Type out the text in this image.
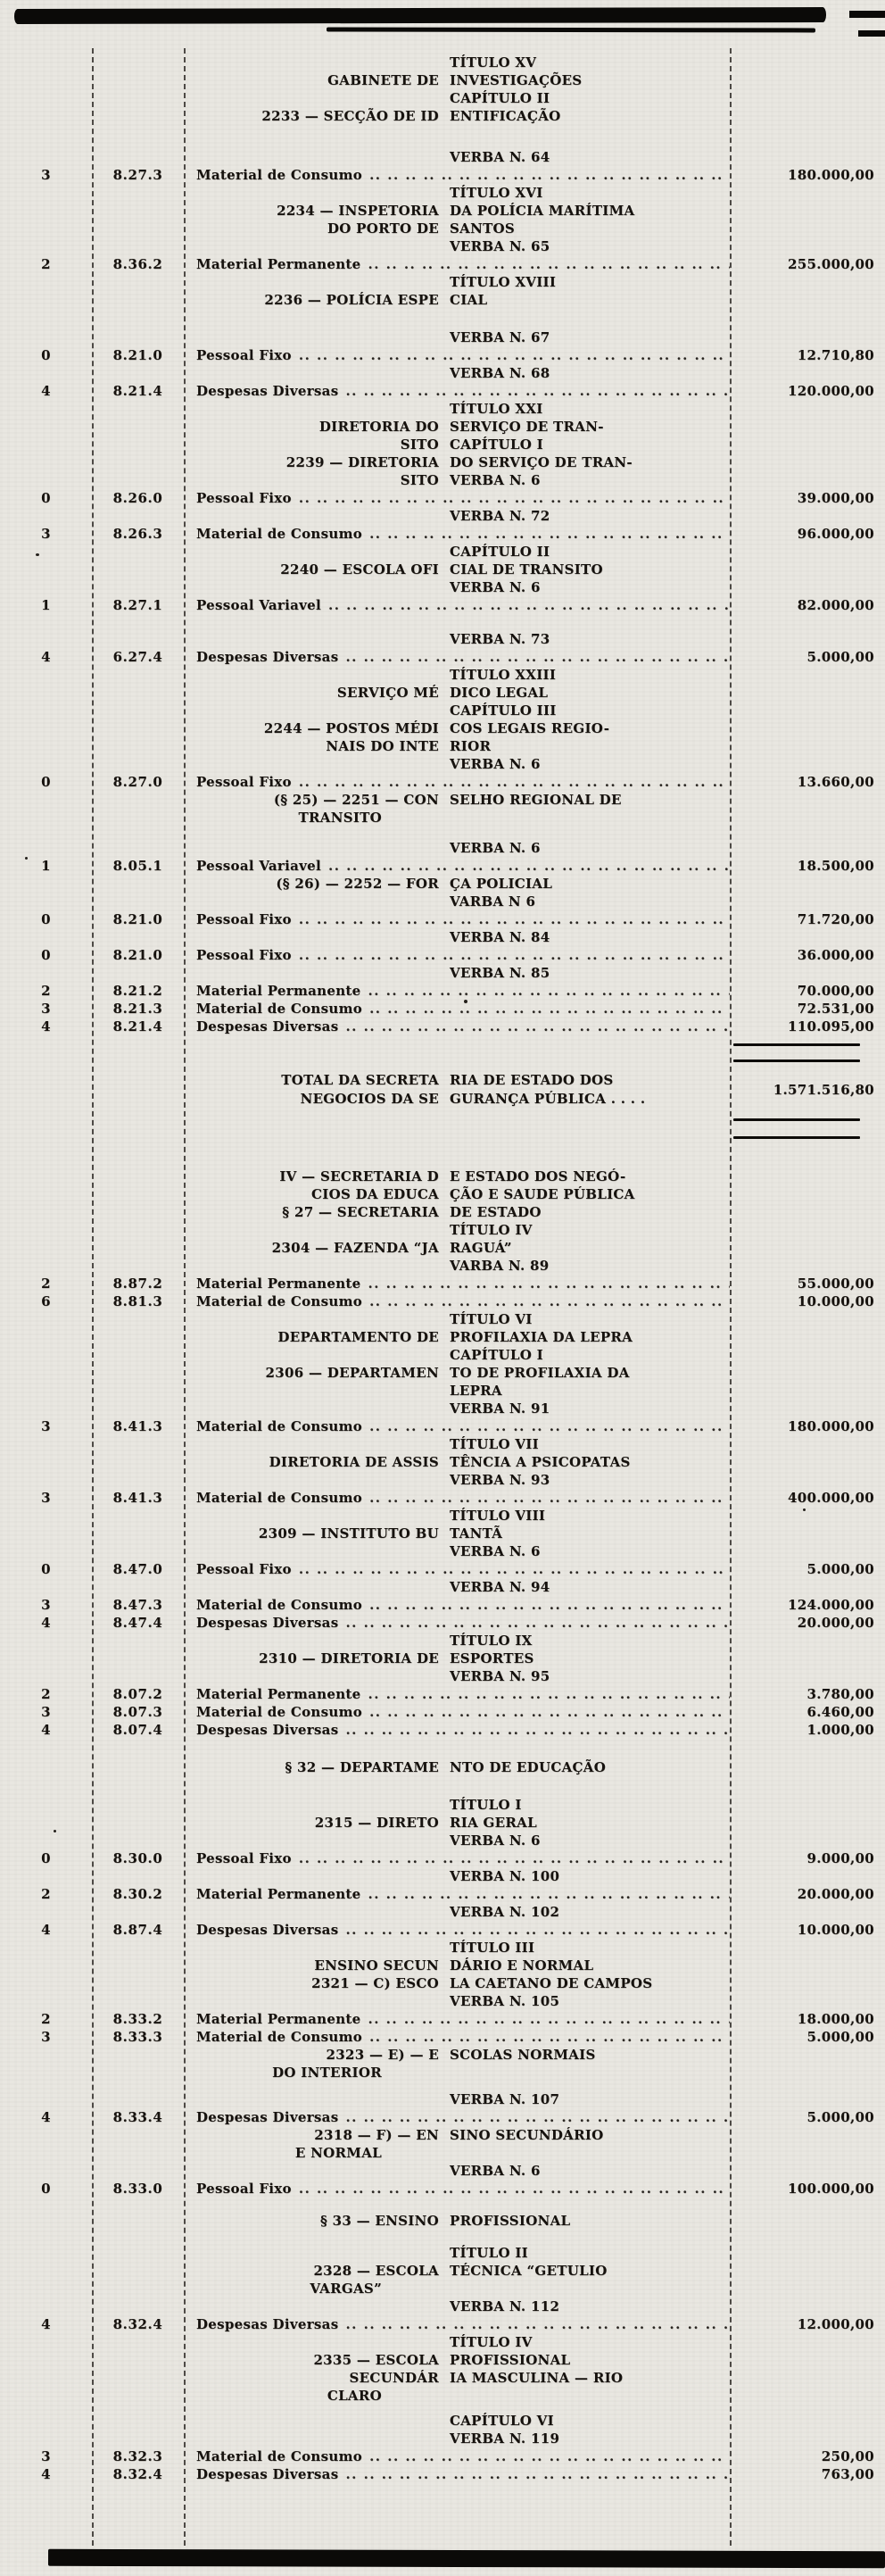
TÍTULO XV
GABINETE DE INVESTIGAÇÕES
CAPÍTULO II
2233 — SECÇÃO DE ID ENTIFICAÇÃO
VERBA N. 64
3	8.27.3	Material de Consumo .. ..	180.000,00
TÍTULO XVI
2234 — INSPETORIA DA POLÍCIA MARÍTIMA
DO PORTO DE SANTOS
VERBA N. 65
2	8.36.2	Material Permanente .. ..	255.000,00
TÍTULO XVIII
2236 — POLÍCIA ESPE CIAL
VERBA N. 67
0	8.21.0	Pessoal Fixo .. ..	12.710,80
VERBA N. 68
4	8.21.4	Despesas Diversas .. ..	120.000,00
TÍTULO XXI
DIRETORIA DO SERVIÇO DE TRAN-
SITO CAPÍTULO I
2239 — DIRETORIA DO SERVIÇO DE TRAN-
SITO VERBA N. 6
0	8.26.0	Pessoal Fixo .. ..	39.000,00
VERBA N. 72
3	8.26.3	Material de Consumo .. ..	96.000,00
CAPÍTULO II
2240 — ESCOLA OFI CIAL DE TRANSITO
VERBA N. 6
1	8.27.1	Pessoal Variavel .. ..	82.000,00
VERBA N. 73
4	6.27.4	Despesas Diversas .. ..	5.000,00
TÍTULO XXIII
SERVIÇO MÉ DICO LEGAL
CAPÍTULO III
2244 — POSTOS MÉDI COS LEGAIS REGIO-
NAIS DO INTE RIOR
VERBA N. 6
0	8.27.0	Pessoal Fixo .. ..	13.660,00
(§ 25) — 2251 — CON SELHO REGIONAL DE
TRANSITO
VERBA N. 6
1	8.05.1	Pessoal Variavel .. ..	18.500,00
(§ 26) — 2252 — FOR ÇA POLICIAL
VARBA N 6
0	8.21.0	Pessoal Fixo .. ..	71.720,00
VERBA N. 84
0	8.21.0	Pessoal Fixo .. ..	36.000,00
VERBA N. 85
2	8.21.2	Material Permanente .. ..	70.000,00
3	8.21.3	Material de Consumo .. ..	72.531,00
4	8.21.4	Despesas Diversas .. ..	110.095,00
TOTAL DA SECRETA RIA DE ESTADO DOS
NEGOCIOS DA SE GURANÇA PÚBLICA . . . .
1.571.516,80
IV — SECRETARIA D E ESTADO DOS NEGÓ-
CIOS DA EDUCA ÇÃO E SAUDE PÚBLICA
§ 27 — SECRETARIA DE ESTADO
TÍTULO IV
2304 — FAZENDA “JA RAGUÁ”
VARBA N. 89
2	8.87.2	Material Permanente .. ..	55.000,00
6	8.81.3	Material de Consumo .. ..	10.000,00
TÍTULO VI
DEPARTAMENTO DE PROFILAXIA DA LEPRA
CAPÍTULO I
2306 — DEPARTAMEN TO DE PROFILAXIA DA
LEPRA
VERBA N. 91
3	8.41.3	Material de Consumo .. ..	180.000,00
TÍTULO VII
DIRETORIA DE ASSIS TÊNCIA A PSICOPATAS
VERBA N. 93
3	8.41.3	Material de Consumo .. ..	400.000,00
TÍTULO VIII
2309 — INSTITUTO BU TANTÃ
VERBA N. 6
0	8.47.0	Pessoal Fixo .. ..	5.000,00
VERBA N. 94
3	8.47.3	Material de Consumo .. ..	124.000,00
4	8.47.4	Despesas Diversas .. ..	20.000,00
TÍTULO IX
2310 — DIRETORIA DE ESPORTES
VERBA N. 95
2	8.07.2	Material Permanente .. ..	3.780,00
3	8.07.3	Material de Consumo .. ..	6.460,00
4	8.07.4	Despesas Diversas .. ..	1.000,00
§ 32 — DEPARTAME NTO DE EDUCAÇÃO
TÍTULO I
2315 — DIRETO RIA GERAL
VERBA N. 6
0	8.30.0	Pessoal Fixo .. ..	9.000,00
VERBA N. 100
2	8.30.2	Material Permanente .. ..	20.000,00
VERBA N. 102
4	8.87.4	Despesas Diversas .. ..	10.000,00
TÍTULO III
ENSINO SECUN DÁRIO E NORMAL
2321 — C) ESCO LA CAETANO DE CAMPOS
VERBA N. 105
2	8.33.2	Material Permanente .. ..	18.000,00
3	8.33.3	Material de Consumo .. ..	5.000,00
2323 — E) — E SCOLAS NORMAIS
DO INTERIOR
VERBA N. 107
4	8.33.4	Despesas Diversas .. ..	5.000,00
2318 — F) — EN SINO SECUNDÁRIO
E NORMAL
VERBA N. 6
0	8.33.0	Pessoal Fixo .. ..	100.000,00
§ 33 — ENSINO PROFISSIONAL
TÍTULO II
2328 — ESCOLA TÉCNICA “GETULIO
VARGAS”
VERBA N. 112
4	8.32.4	Despesas Diversas .. ..	12.000,00
TÍTULO IV
2335 — ESCOLA PROFISSIONAL
SECUNDÁR IA MASCULINA — RIO
CLARO
CAPÍTULO VI
VERBA N. 119
3	8.32.3	Material de Consumo .. ..	250,00
4	8.32.4	Despesas Diversas .. ..	763,00
